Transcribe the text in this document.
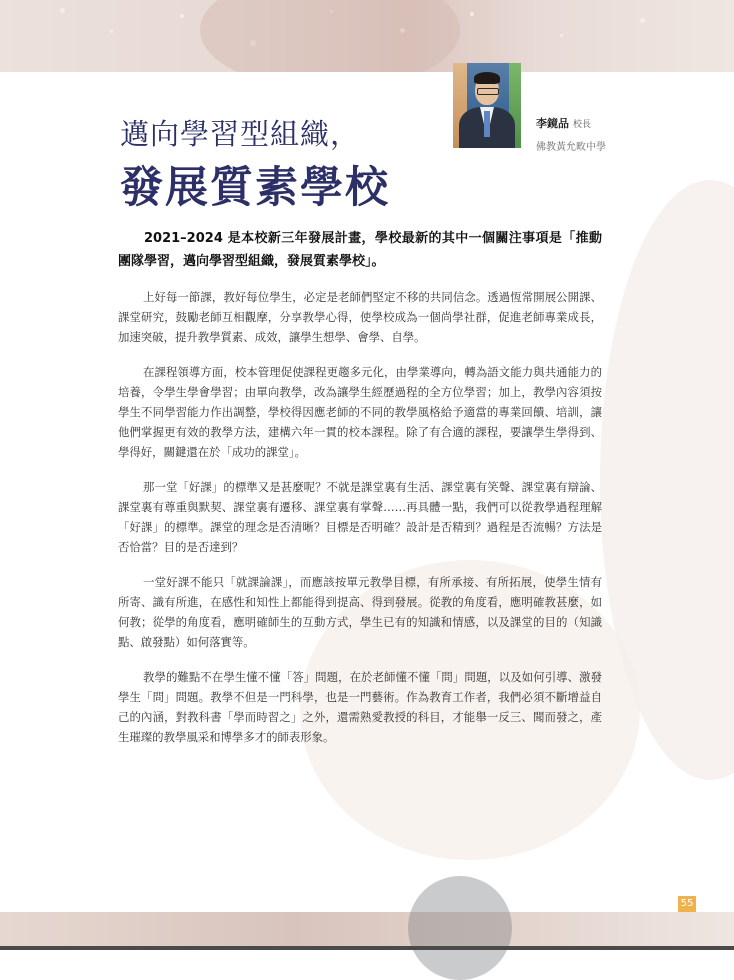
李鏡品 校長
佛教黃允畋中學
邁向學習型組織，
發展質素學校

2021–2024 是本校新三年發展計畫，學校最新的其中一個關注事項是「推動團隊學習，邁向學習型組織，發展質素學校」。

上好每一節課，教好每位學生，必定是老師們堅定不移的共同信念。透過恆常開展公開課、課堂研究，鼓勵老師互相觀摩，分享教學心得，使學校成為一個尚學社群，促進老師專業成長，加速突破，提升教學質素、成效，讓學生想學、會學、自學。

在課程領導方面，校本管理促使課程更趨多元化，由學業導向，轉為語文能力與共通能力的培養，令學生學會學習；由單向教學，改為讓學生經歷過程的全方位學習；加上，教學內容須按學生不同學習能力作出調整，學校得因應老師的不同的教學風格給予適當的專業回饋、培訓，讓他們掌握更有效的教學方法，建構六年一貫的校本課程。除了有合適的課程，要讓學生學得到、學得好，關鍵還在於「成功的課堂」。

那一堂「好課」的標準又是甚麼呢？不就是課堂裏有生活、課堂裏有笑聲、課堂裏有辯論、課堂裏有尊重與默契、課堂裏有遷移、課堂裏有掌聲……再具體一點，我們可以從教學過程理解「好課」的標準。課堂的理念是否清晰？目標是否明確？設計是否精到？過程是否流暢？方法是否恰當？目的是否達到？

一堂好課不能只「就課論課」，而應該按單元教學目標，有所承接、有所拓展，使學生情有所寄、識有所進，在感性和知性上都能得到提高、得到發展。從教的角度看，應明確教甚麼，如何教；從學的角度看，應明確師生的互動方式，學生已有的知識和情感，以及課堂的目的（知識點、啟發點）如何落實等。

教學的難點不在學生懂不懂「答」問題，在於老師懂不懂「問」問題，以及如何引導、激發學生「問」問題。教學不但是一門科學，也是一門藝術。作為教育工作者，我們必須不斷增益自己的內涵，對教科書「學而時習之」之外，還需熟愛教授的科目，才能舉一反三、聞而發之，產生璀璨的教學風采和博學多才的師表形象。

55
